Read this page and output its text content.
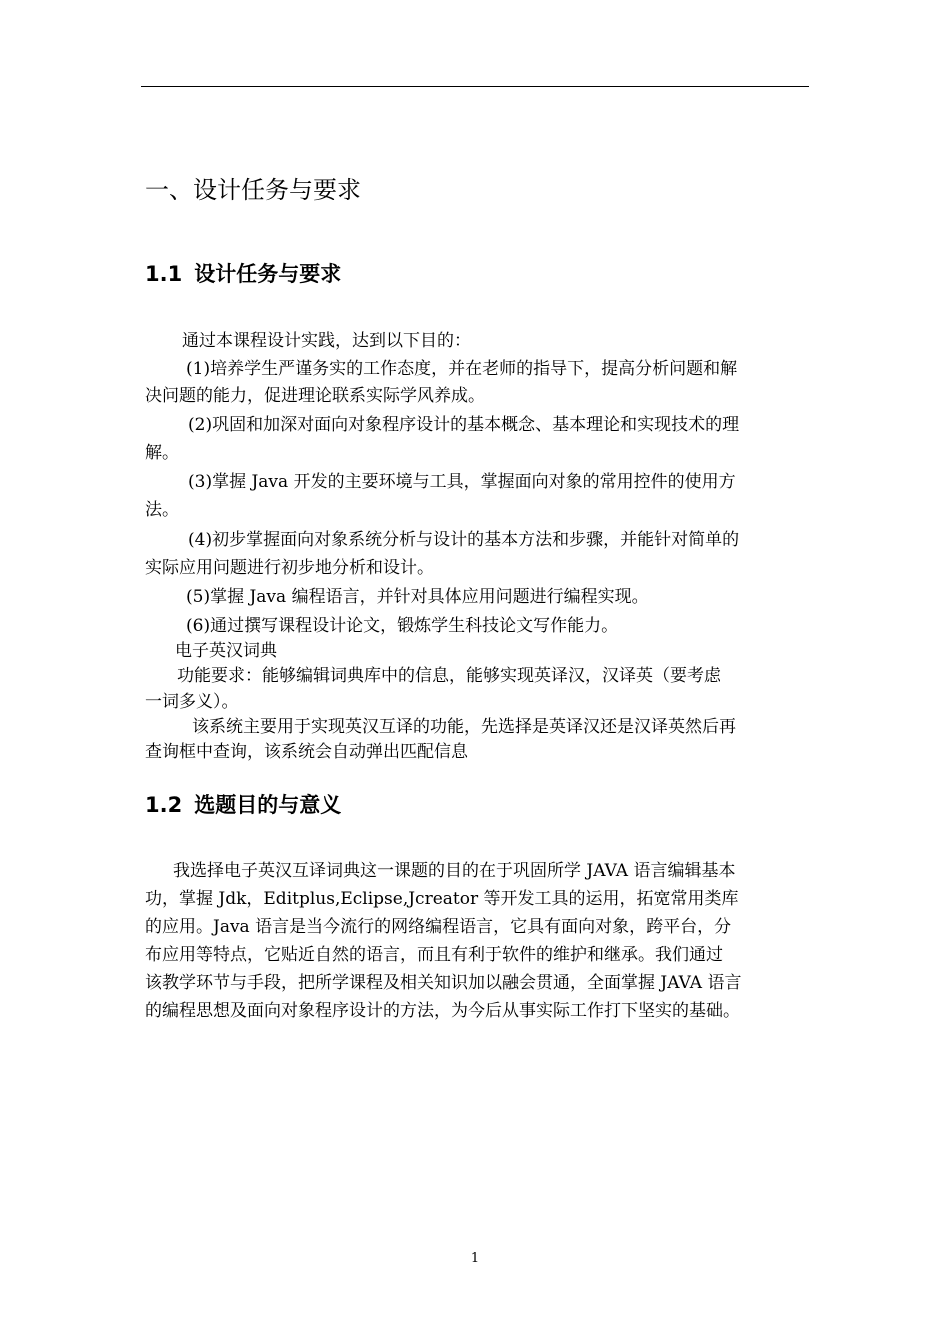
一、设计任务与要求
1.1 设计任务与要求
通过本课程设计实践，达到以下目的：
(1)培养学生严谨务实的工作态度，并在老师的指导下，提高分析问题和解
决问题的能力，促进理论联系实际学风养成。
(2)巩固和加深对面向对象程序设计的基本概念、基本理论和实现技术的理
解。
(3)掌握 Java 开发的主要环境与工具，掌握面向对象的常用控件的使用方
法。
(4)初步掌握面向对象系统分析与设计的基本方法和步骤，并能针对简单的
实际应用问题进行初步地分析和设计。
(5)掌握 Java 编程语言，并针对具体应用问题进行编程实现。
(6)通过撰写课程设计论文，锻炼学生科技论文写作能力。
电子英汉词典
功能要求：能够编辑词典库中的信息，能够实现英译汉，汉译英（要考虑
一词多义）。
该系统主要用于实现英汉互译的功能，先选择是英译汉还是汉译英然后再
查询框中查询，该系统会自动弹出匹配信息
1.2 选题目的与意义
我选择电子英汉互译词典这一课题的目的在于巩固所学 JAVA 语言编辑基本
功，掌握 Jdk，Editplus,Eclipse,Jcreator 等开发工具的运用，拓宽常用类库
的应用。Java 语言是当今流行的网络编程语言，它具有面向对象，跨平台，分
布应用等特点，它贴近自然的语言，而且有利于软件的维护和继承。我们通过
该教学环节与手段，把所学课程及相关知识加以融会贯通，全面掌握 JAVA 语言
的编程思想及面向对象程序设计的方法，为今后从事实际工作打下坚实的基础。
1
